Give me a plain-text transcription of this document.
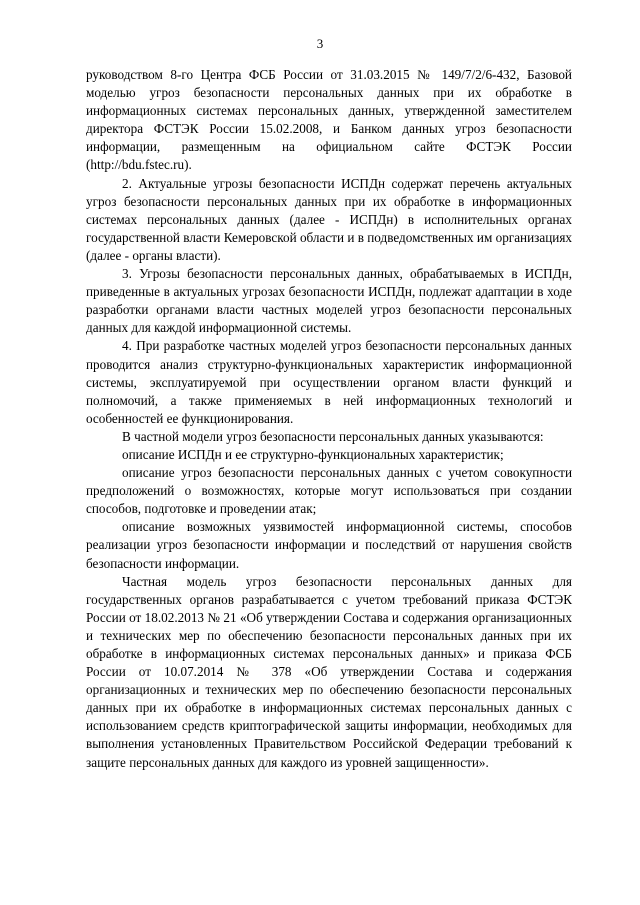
3

руководством 8-го Центра ФСБ России от 31.03.2015 № 149/7/2/6-432, Базовой моделью угроз безопасности персональных данных при их обработке в информационных системах персональных данных, утвержденной заместителем директора ФСТЭК России 15.02.2008, и Банком данных угроз безопасности информации, размещенным на официальном сайте ФСТЭК России (http://bdu.fstec.ru).

2. Актуальные угрозы безопасности ИСПДн содержат перечень актуальных угроз безопасности персональных данных при их обработке в информационных системах персональных данных (далее - ИСПДн) в исполнительных органах государственной власти Кемеровской области и в подведомственных им организациях (далее - органы власти).

3. Угрозы безопасности персональных данных, обрабатываемых в ИСПДн, приведенные в актуальных угрозах безопасности ИСПДн, подлежат адаптации в ходе разработки органами власти частных моделей угроз безопасности персональных данных для каждой информационной системы.

4. При разработке частных моделей угроз безопасности персональных данных проводится анализ структурно-функциональных характеристик информационной системы, эксплуатируемой при осуществлении органом власти функций и полномочий, а также применяемых в ней информационных технологий и особенностей ее функционирования.

В частной модели угроз безопасности персональных данных указываются:

описание ИСПДн и ее структурно-функциональных характеристик;

описание угроз безопасности персональных данных с учетом совокупности предположений о возможностях, которые могут использоваться при создании способов, подготовке и проведении атак;

описание возможных уязвимостей информационной системы, способов реализации угроз безопасности информации и последствий от нарушения свойств безопасности информации.

Частная модель угроз безопасности персональных данных для государственных органов разрабатывается с учетом требований приказа ФСТЭК России от 18.02.2013 № 21 «Об утверждении Состава и содержания организационных и технических мер по обеспечению безопасности персональных данных при их обработке в информационных системах персональных данных» и приказа ФСБ России от 10.07.2014 № 378 «Об утверждении Состава и содержания организационных и технических мер по обеспечению безопасности персональных данных при их обработке в информационных системах персональных данных с использованием средств криптографической защиты информации, необходимых для выполнения установленных Правительством Российской Федерации требований к защите персональных данных для каждого из уровней защищенности».
